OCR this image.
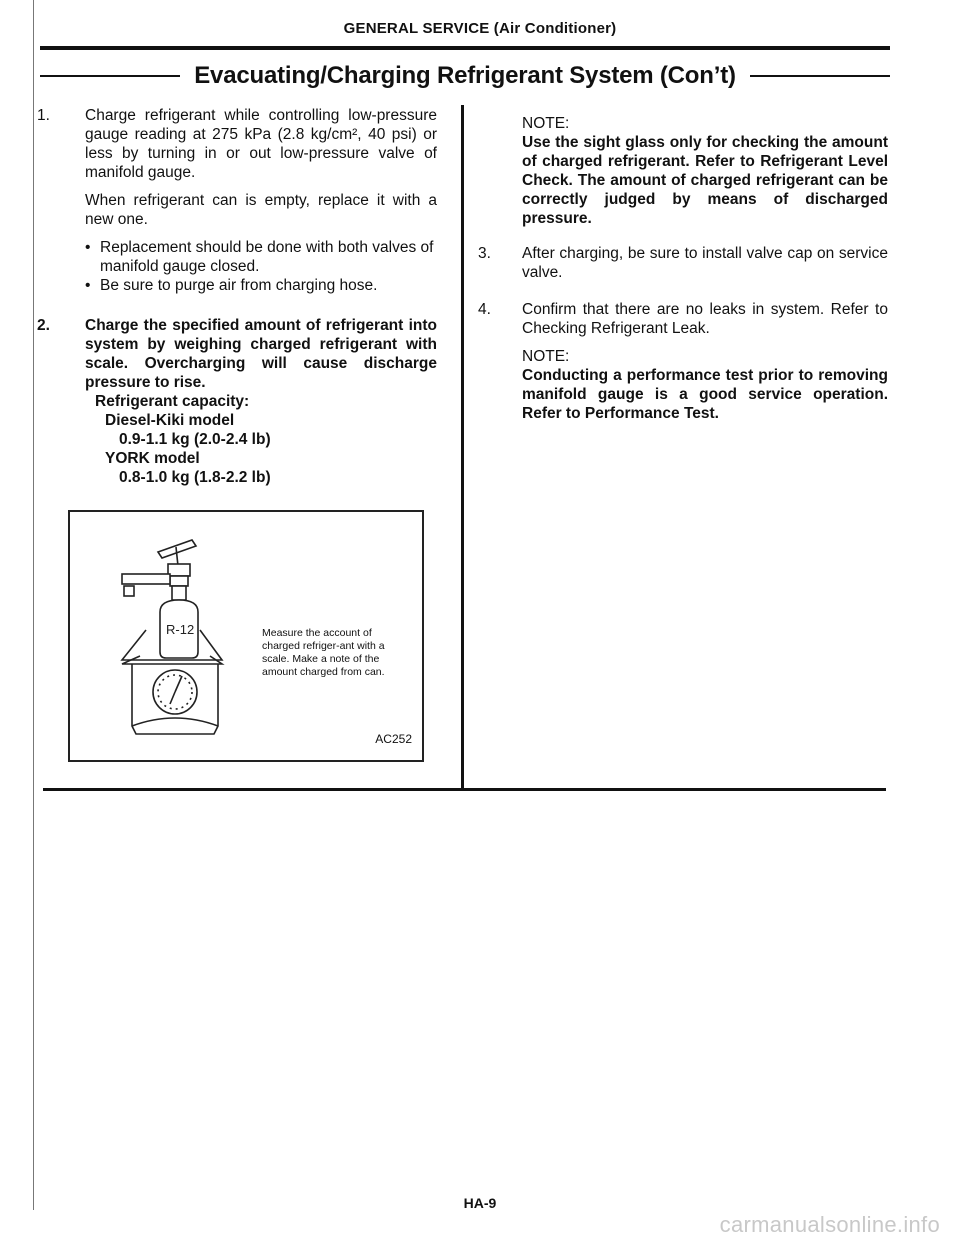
GENERAL SERVICE (Air Conditioner)
Evacuating/Charging Refrigerant System (Con’t)
1. Charge refrigerant while controlling low-pressure gauge reading at 275 kPa (2.8 kg/cm², 40 psi) or less by turning in or out low-pressure valve of manifold gauge.

When refrigerant can is empty, replace it with a new one.

• Replacement should be done with both valves of manifold gauge closed.
• Be sure to purge air from charging hose.
2. Charge the specified amount of refrigerant into system by weighing charged refrigerant with scale. Overcharging will cause discharge pressure to rise.

Refrigerant capacity:

Diesel-Kiki model

0.9-1.1 kg (2.0-2.4 lb)

YORK model

0.8-1.0 kg (1.8-2.2 lb)

R-12	Measure the account of charged refriger-ant with a scale. Make a note of the amount charged from can.
AC252

NOTE:

Use the sight glass only for checking the amount of charged refrigerant. Refer to Refrigerant Level Check. The amount of charged refrigerant can be correctly judged by means of discharged pressure.

3. After charging, be sure to install valve cap on service valve.

4. Confirm that there are no leaks in system. Refer to Checking Refrigerant Leak.

NOTE:

Conducting a performance test prior to removing manifold gauge is a good service operation. Refer to Performance Test.

HA-9
carmanualsonline.info
